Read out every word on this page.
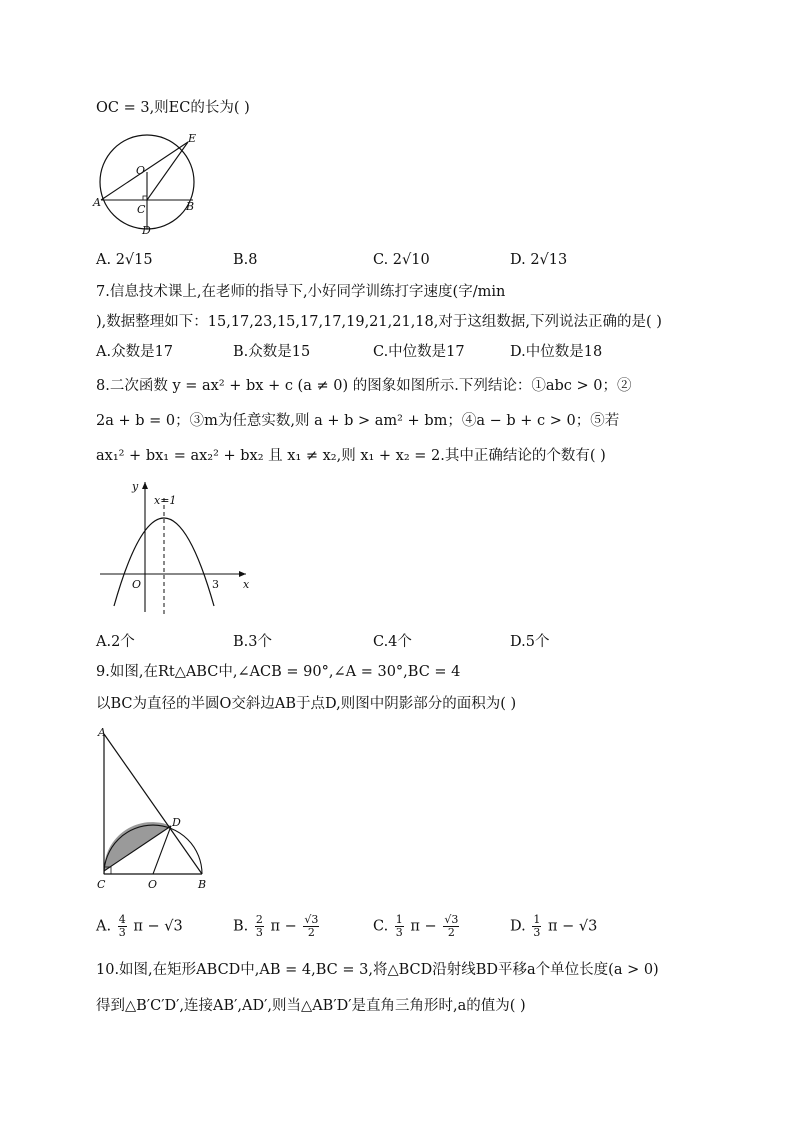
OC = 3,则EC的长为( )
O
E
A
C	B
D
A. 2√15	B.8	C. 2√10	D. 2√13
7.信息技术课上,在老师的指导下,小好同学训练打字速度(字/min
),数据整理如下：15,17,23,15,17,17,19,21,21,18,对于这组数据,下列说法正确的是( )
A.众数是17	B.众数是15	C.中位数是17	D.中位数是18
8.二次函数 y = ax² + bx + c (a ≠ 0) 的图象如图所示.下列结论：①abc > 0；②
2a + b = 0；③m为任意实数,则 a + b > am² + bm；④a − b + c > 0；⑤若
ax₁² + bx₁ = ax₂² + bx₂ 且 x₁ ≠ x₂,则 x₁ + x₂ = 2.其中正确结论的个数有( )
y
x=1
O	3 x
A.2个	B.3个	C.4个	D.5个
9.如图,在Rt△ABC中,∠ACB = 90°,∠A = 30°,BC = 4
以BC为直径的半圆O交斜边AB于点D,则图中阴影部分的面积为( )
A
D
C	O	B
A. $\frac{4}{3}$ π − √3	B. $\frac{2}{3}$ $\pi - \frac{√3}{2}$	C. $\frac{1}{3}$ $\pi - \frac{√3}{2}$	D. $\frac{1}{3}$ π − √3
10.如图,在矩形ABCD中,AB = 4,BC = 3,将△BCD沿射线BD平移a个单位长度(a > 0)
得到△B′C′D′,连接AB′,AD′,则当△AB′D′是直角三角形时,a的值为( )
